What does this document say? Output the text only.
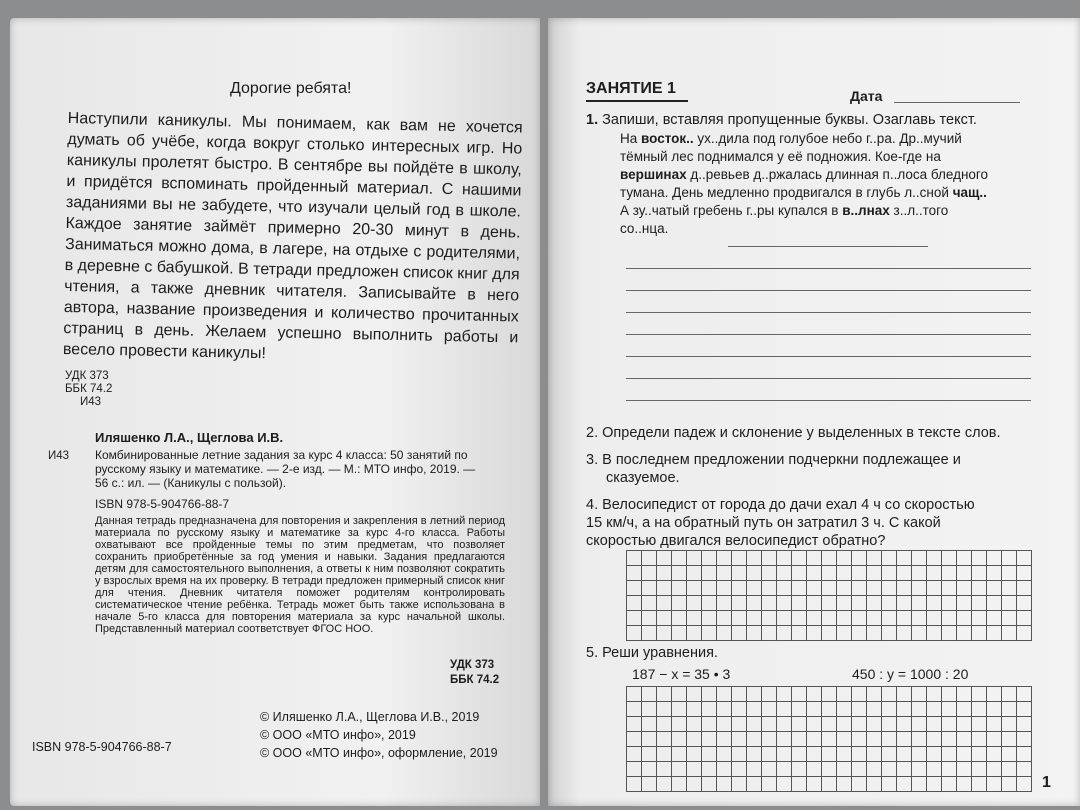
Дорогие ребята!
Наступили каникулы. Мы понимаем, как вам не хочется думать об учёбе, когда вокруг столько интересных игр. Но каникулы пролетят быстро. В сентябре вы пойдёте в школу, и придётся вспоминать пройденный материал. С нашими заданиями вы не забудете, что изучали целый год в школе. Каждое занятие займёт примерно 20-30 минут в день. Заниматься можно дома, в лагере, на отдыхе с родителями, в деревне с бабушкой. В тетради предложен список книг для чтения, а также дневник читателя. Записывайте в него автора, название произведения и количество прочитанных страниц в день. Желаем успешно выполнить работы и весело провести каникулы!
УДК 373
ББК 74.2
И43
Иляшенко Л.А., Щеглова И.В.
И43 Комбинированные летние задания за курс 4 класса: 50 занятий по
русскому языку и математике. — 2-е изд. — М.: МТО инфо, 2019. —
56 с.: ил. — (Каникулы с пользой).
ISBN 978-5-904766-88-7
Данная тетрадь предназначена для повторения и закрепления в летний период материала по русскому языку и математике за курс 4-го класса. Работы охватывают все пройденные темы по этим предметам, что позволяет сохранить приобретённые за год умения и навыки. Задания предлагаются детям для самостоятельного выполнения, а ответы к ним позволяют сократить у взрослых время на их проверку. В тетради предложен примерный список книг для чтения. Дневник читателя поможет родителям контролировать систематическое чтение ребёнка. Тетрадь может быть также использована в начале 5-го класса для повторения материала за курс начальной школы. Представленный материал соответствует ФГОС НОО.
УДК 373
ББК 74.2
© Иляшенко Л.А., Щеглова И.В., 2019
© ООО «МТО инфо», 2019
© ООО «МТО инфо», оформление, 2019
ISBN 978-5-904766-88-7
ЗАНЯТИЕ 1	Дата
1. Запиши, вставляя пропущенные буквы. Озаглавь текст.
На восток.. ух..дила под голубое небо г..ра. Др..мучий
тёмный лес поднимался у её подножия. Кое-где на
вершинах д..ревьев д..ржалась длинная п..лоса бледного
тумана. День медленно продвигался в глубь л..сной чащ..
А зу..чатый гребень г..ры купался в в..лнах з..л..того
со..нца.
2. Определи падеж и склонение у выделенных в тексте слов.
3. В последнем предложении подчеркни подлежащее и
сказуемое.
4. Велосипедист от города до дачи ехал 4 ч со скоростью
15 км/ч, а на обратный путь он затратил 3 ч. С какой
скоростью двигался велосипедист обратно?
5. Реши уравнения.
187 − х = 35 • 3	450 : у = 1000 : 20
1
